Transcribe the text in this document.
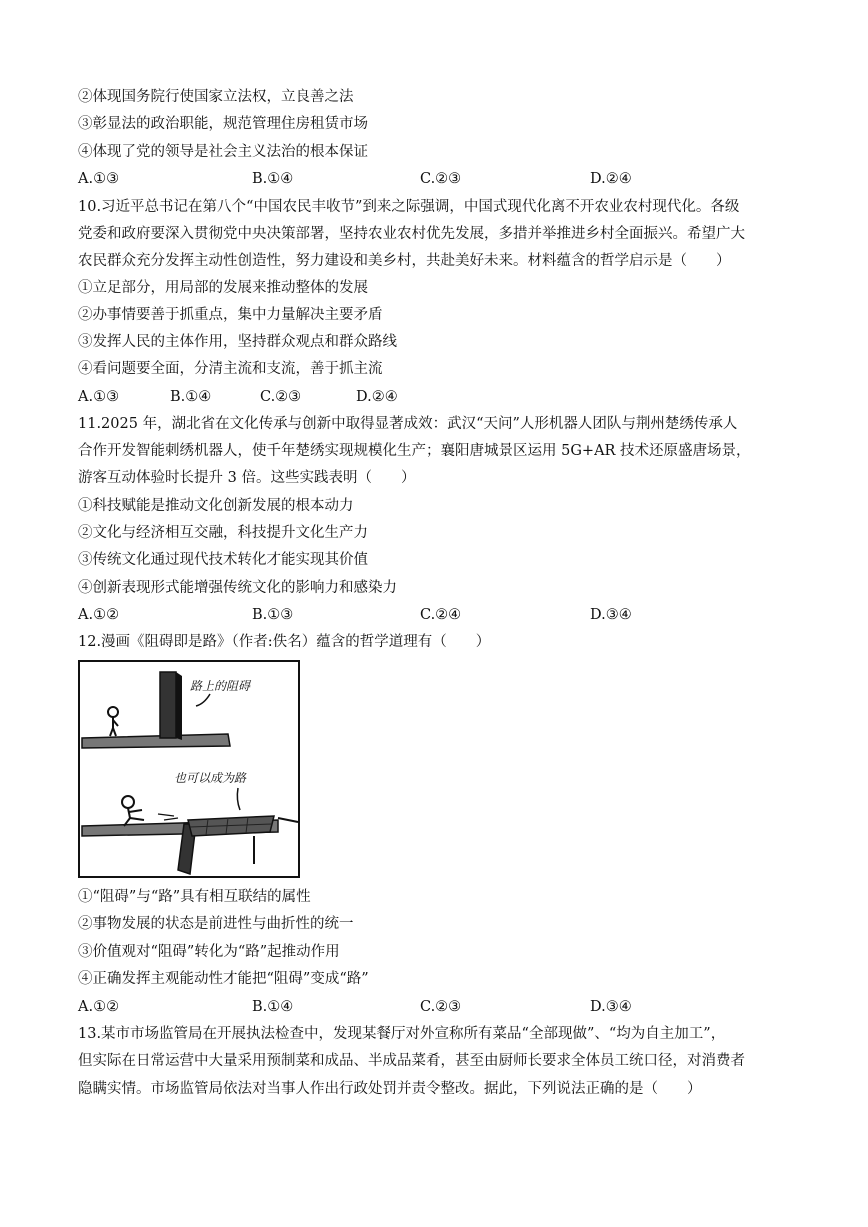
②体现国务院行使国家立法权，立良善之法
③彰显法的政治职能，规范管理住房租赁市场
④体现了党的领导是社会主义法治的根本保证
A.①③	B.①④	C.②③	D.②④
10.习近平总书记在第八个“中国农民丰收节”到来之际强调，中国式现代化离不开农业农村现代化。各级
党委和政府要深入贯彻党中央决策部署，坚持农业农村优先发展，多措并举推进乡村全面振兴。希望广大
农民群众充分发挥主动性创造性，努力建设和美乡村，共赴美好未来。材料蕴含的哲学启示是（　　）
①立足部分，用局部的发展来推动整体的发展
②办事情要善于抓重点，集中力量解决主要矛盾
③发挥人民的主体作用，坚持群众观点和群众路线
④看问题要全面，分清主流和支流，善于抓主流
A.①③	B.①④	C.②③	D.②④
11.2025 年，湖北省在文化传承与创新中取得显著成效：武汉“天问”人形机器人团队与荆州楚绣传承人
合作开发智能刺绣机器人，使千年楚绣实现规模化生产；襄阳唐城景区运用 5G+AR 技术还原盛唐场景，
游客互动体验时长提升 3 倍。这些实践表明（　　）
①科技赋能是推动文化创新发展的根本动力
②文化与经济相互交融，科技提升文化生产力
③传统文化通过现代技术转化才能实现其价值
④创新表现形式能增强传统文化的影响力和感染力
A.①②	B.①③	C.②④	D.③④
12.漫画《阻碍即是路》（作者:佚名）蕴含的哲学道理有（　　）
路上的阻碍
也可以成为路
①“阻碍”与“路”具有相互联结的属性
②事物发展的状态是前进性与曲折性的统一
③价值观对“阻碍”转化为“路”起推动作用
④正确发挥主观能动性才能把“阻碍”变成“路”
A.①②	B.①④	C.②③	D.③④
13.某市市场监管局在开展执法检查中，发现某餐厅对外宣称所有菜品“全部现做”、“均为自主加工”，
但实际在日常运营中大量采用预制菜和成品、半成品菜肴，甚至由厨师长要求全体员工统口径，对消费者
隐瞒实情。市场监管局依法对当事人作出行政处罚并责令整改。据此，下列说法正确的是（　　）
